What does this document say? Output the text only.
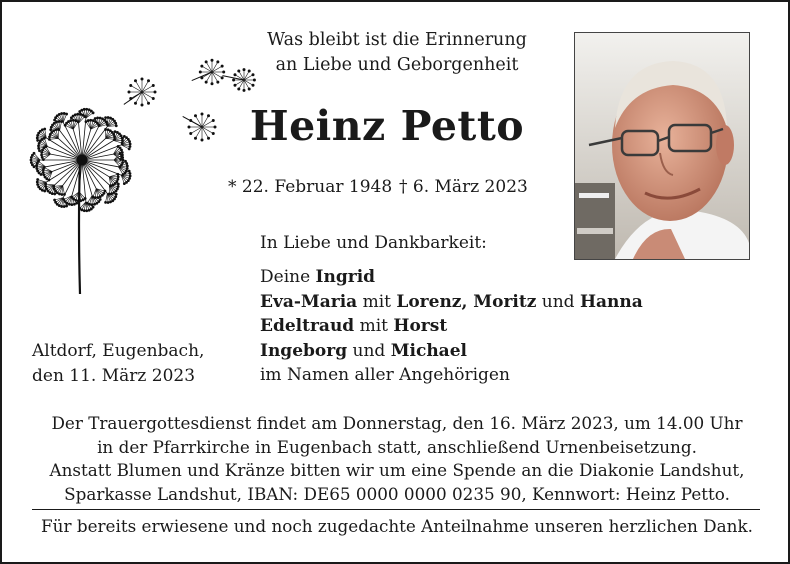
Was bleibt ist die Erinnerung
an Liebe und Geborgenheit
Heinz Petto
* 22. Februar 1948 † 6. März 2023
In Liebe und Dankbarkeit:
Deine Ingrid
Eva-Maria mit Lorenz, Moritz und Hanna
Edeltraud mit Horst
Ingeborg und Michael
im Namen aller Angehörigen
Altdorf, Eugenbach,
den 11. März 2023
Der Trauergottesdienst findet am Donnerstag, den 16. März 2023, um 14.00 Uhr
in der Pfarrkirche in Eugenbach statt, anschließend Urnenbeisetzung.
Anstatt Blumen und Kränze bitten wir um eine Spende an die Diakonie Landshut,
Sparkasse Landshut, IBAN: DE65 0000 0000 0235 90, Kennwort: Heinz Petto.
Für bereits erwiesene und noch zugedachte Anteilnahme unseren herzlichen Dank.
